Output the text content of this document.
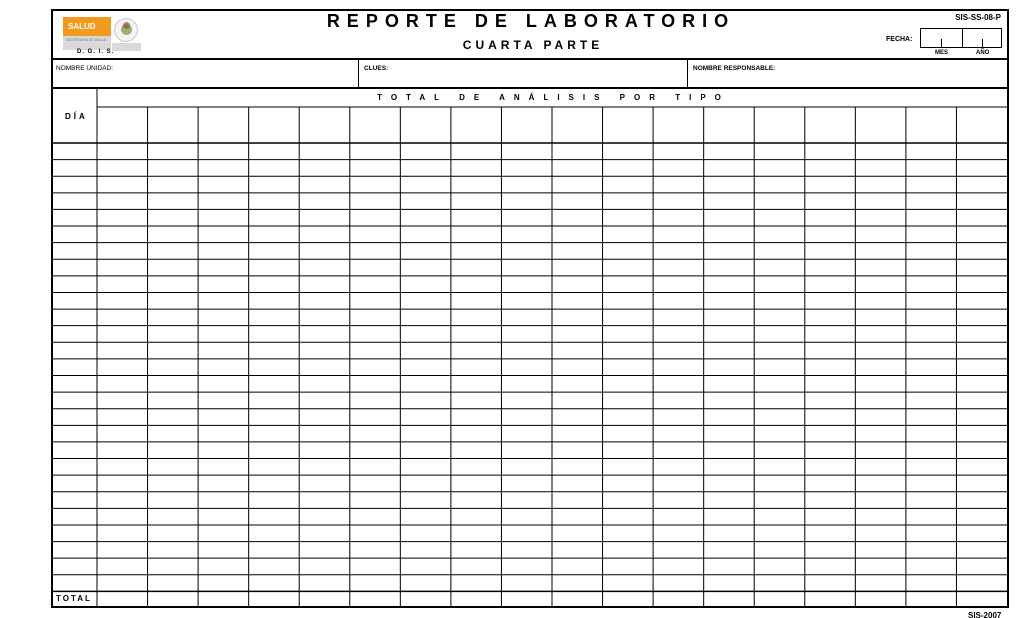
SALUD
SECRETARÍA DE SALUD
D. G. I. S.
REPORTE DE LABORATORIO
CUARTA PARTE
SIS-SS-08-P
FECHA:
MES	AÑO
NOMBRE UNIDAD:	CLUES:	NOMBRE RESPONSABLE:
TOTAL DE ANÁLISIS POR TIPO
DÍA
TOTAL
SIS-2007
